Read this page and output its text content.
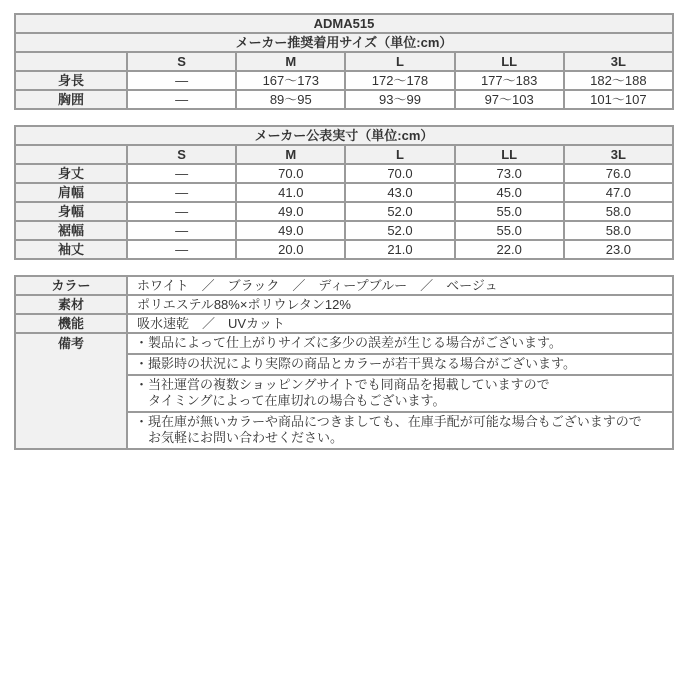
ADMA515					
メーカー推奨着用サイズ（単位:cm）					
	S	M	L	LL	3L
身長	―	167～173	172～178	177～183	182～188
胸囲	―	89～95	93～99	97～103	101～107
メーカー公表実寸（単位:cm）					
	S	M	L	LL	3L
身丈	―	70.0	70.0	73.0	76.0
肩幅	―	41.0	43.0	45.0	47.0
身幅	―	49.0	52.0	55.0	58.0
裾幅	―	49.0	52.0	55.0	58.0
袖丈	―	20.0	21.0	22.0	23.0
カラー	ホワイト　／　ブラック　／　ディープブルー　／　ベージュ
素材	ポリエステル88%×ポリウレタン12%
機能	吸水速乾　／　UVカット
備考	・製品によって仕上がりサイズに多少の誤差が生じる場合がございます。
・撮影時の状況により実際の商品とカラーが若干異なる場合がございます。
・当社運営の複数ショッピングサイトでも同商品を掲載していますので
タイミングによって在庫切れの場合もございます。
・現在庫が無いカラーや商品につきましても、在庫手配が可能な場合もございますので
お気軽にお問い合わせください。
